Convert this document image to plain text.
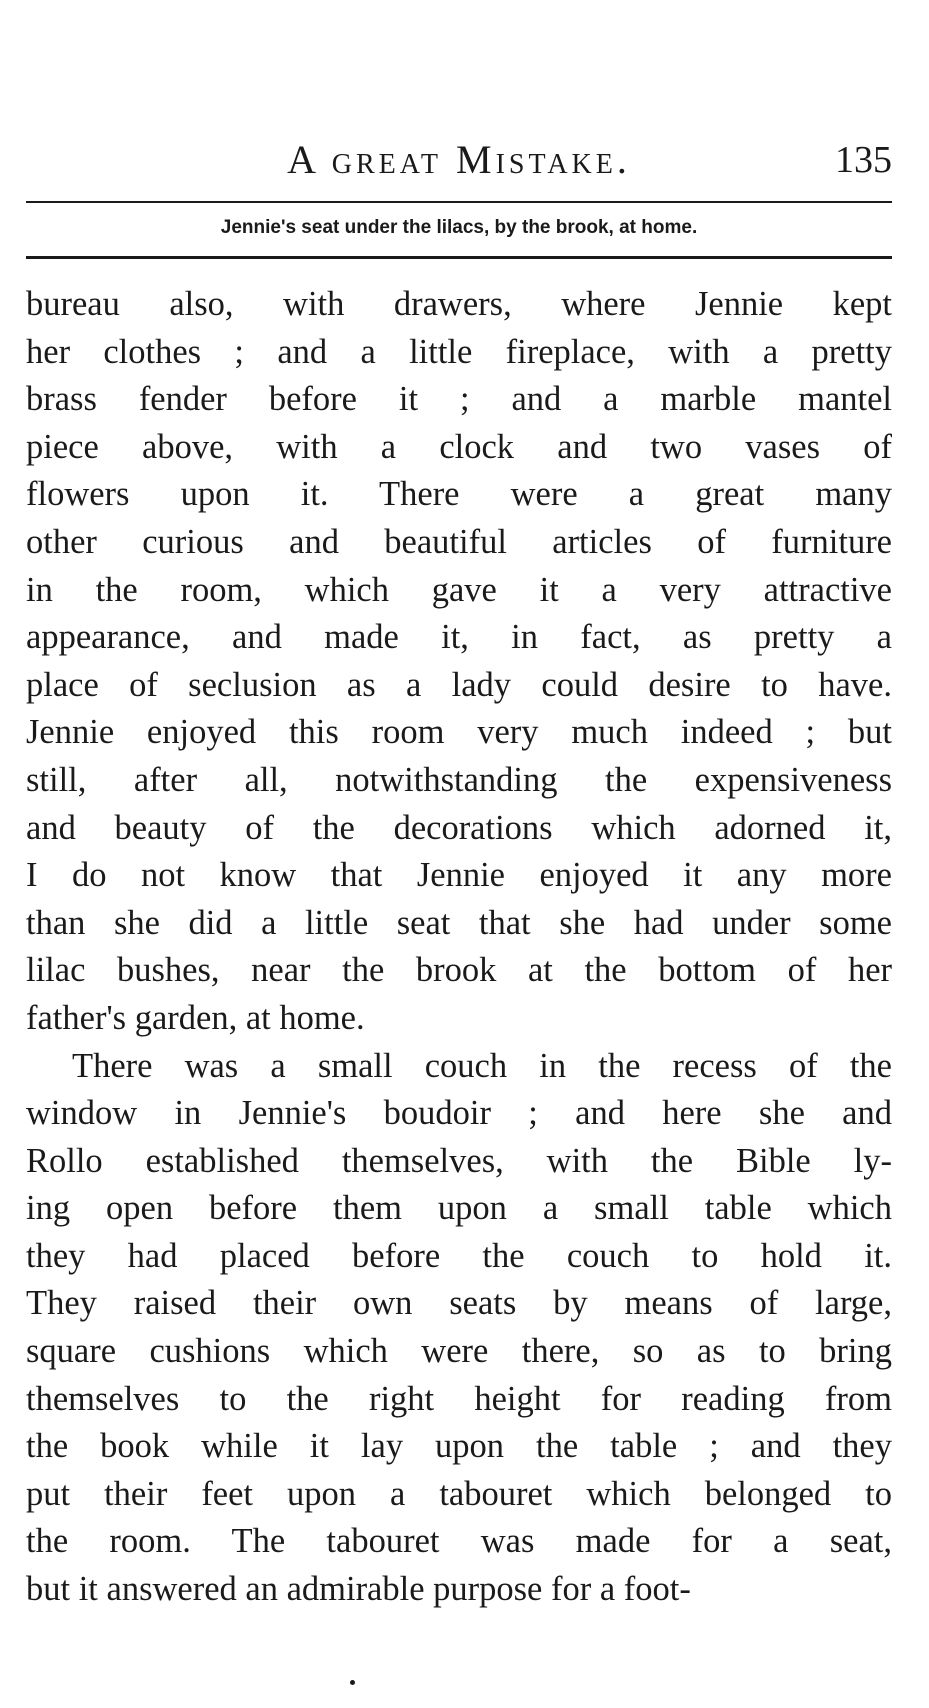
A great Mistake.	135
Jennie's seat under the lilacs, by the brook, at home.
bureau also, with drawers, where Jennie kept
her clothes ; and a little fireplace, with a pretty
brass fender before it ; and a marble mantel
piece above, with a clock and two vases of
flowers upon it. There were a great many
other curious and beautiful articles of furniture
in the room, which gave it a very attractive
appearance, and made it, in fact, as pretty a
place of seclusion as a lady could desire to have.
Jennie enjoyed this room very much indeed ; but
still, after all, notwithstanding the expensiveness
and beauty of the decorations which adorned it,
I do not know that Jennie enjoyed it any more
than she did a little seat that she had under some
lilac bushes, near the brook at the bottom of her
father's garden, at home.
There was a small couch in the recess of the
window in Jennie's boudoir ; and here she and
Rollo established themselves, with the Bible ly-
ing open before them upon a small table which
they had placed before the couch to hold it.
They raised their own seats by means of large,
square cushions which were there, so as to bring
themselves to the right height for reading from
the book while it lay upon the table ; and they
put their feet upon a tabouret which belonged to
the room. The tabouret was made for a seat,
but it answered an admirable purpose for a foot-
